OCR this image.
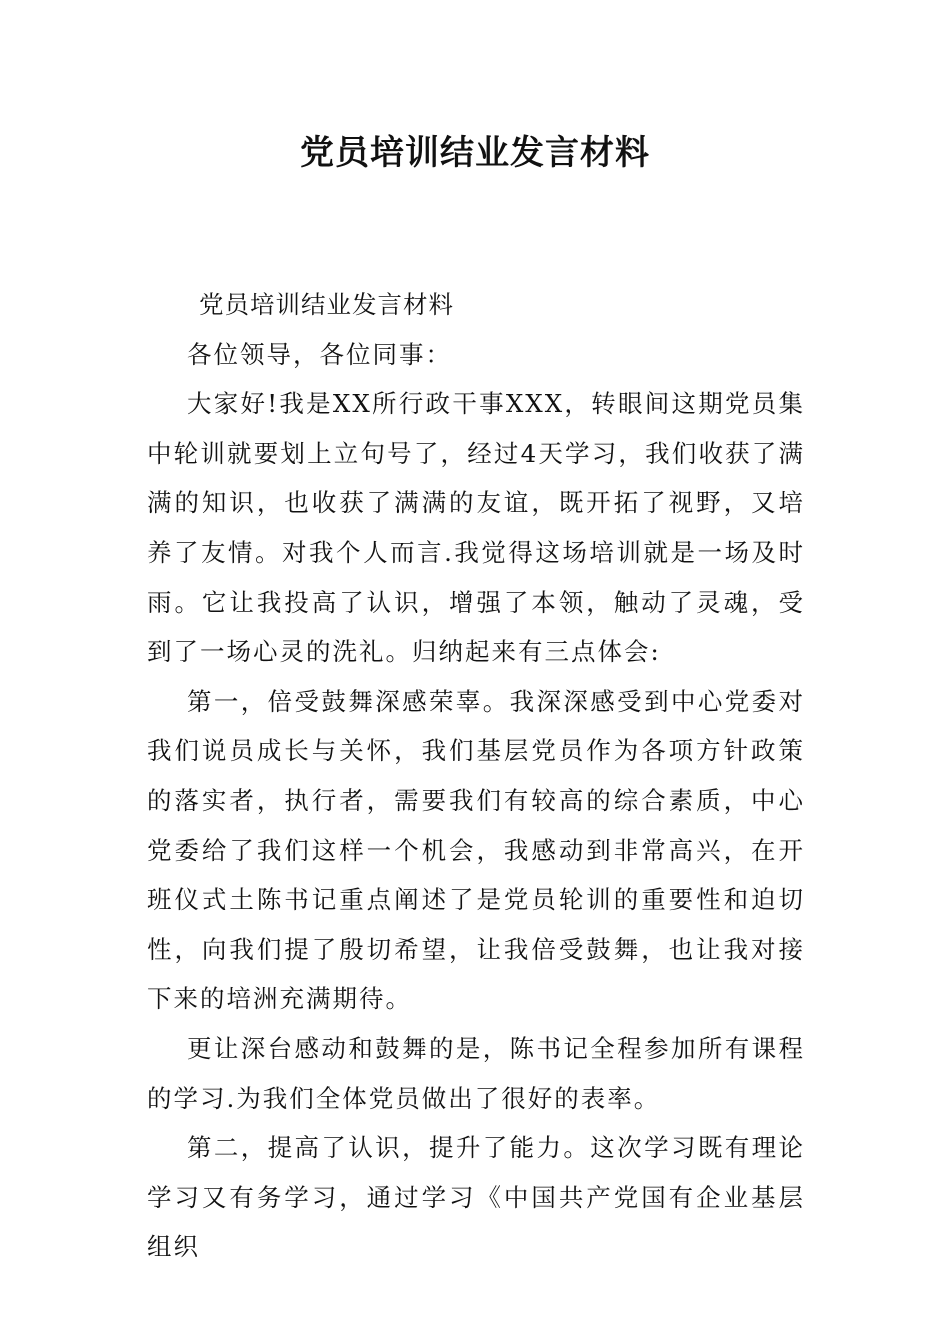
党员培训结业发言材料

党员培训结业发言材料

各位领导，各位同事：

大家好!我是XX所行政干事XXX，转眼间这期党员集中轮训就要划上立句号了，经过4天学习，我们收获了满满的知识，也收获了满满的友谊，既开拓了视野，又培养了友情。对我个人而言.我觉得这场培训就是一场及时雨。它让我投高了认识，增强了本领，触动了灵魂，受到了一场心灵的洗礼。归纳起来有三点体会:

第一，倍受鼓舞深感荣辜。我深深感受到中心党委对我们说员成长与关怀，我们基层党员作为各项方针政策的落实者，执行者，需要我们有较高的综合素质，中心党委给了我们这样一个机会，我感动到非常高兴，在开班仪式土陈书记重点阐述了是党员轮训的重要性和迫切性，向我们提了殷切希望，让我倍受鼓舞，也让我对接下来的培洲充满期待。

更让深台感动和鼓舞的是，陈书记全程参加所有课程的学习.为我们全体党员做出了很好的表率。

第二，提高了认识，提升了能力。这次学习既有理论学习又有务学习，通过学习《中国共产党国有企业基层组织
